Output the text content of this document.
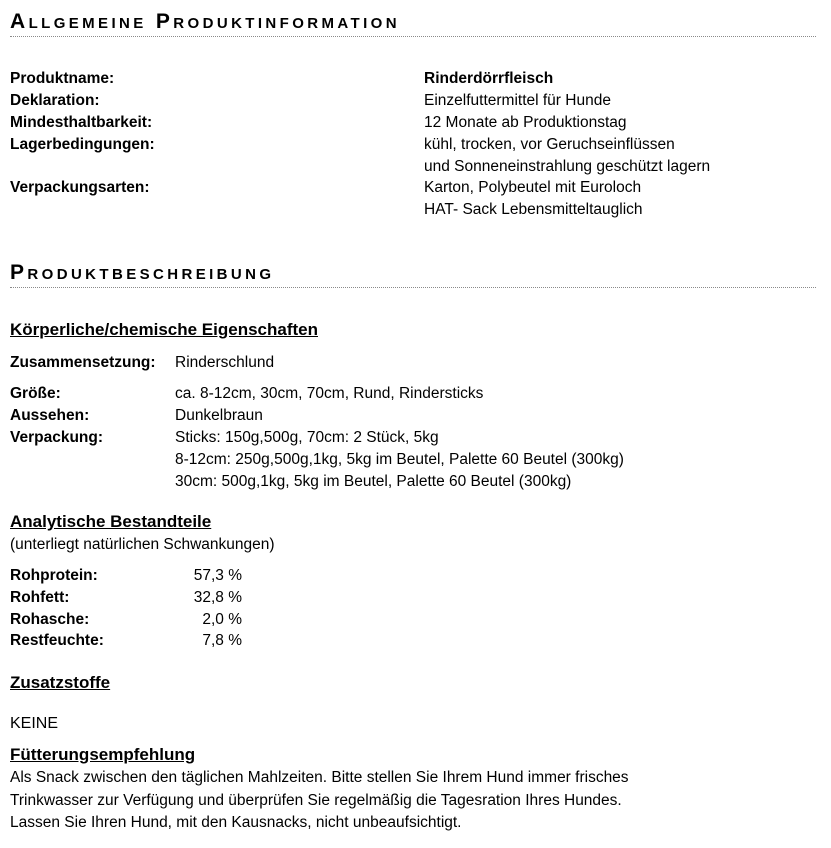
Allgemeine Produktinformation
Produktname:	Rinderdörrfleisch
Deklaration:	Einzelfuttermittel für Hunde
Mindesthaltbarkeit:	12 Monate ab Produktionstag
Lagerbedingungen:	kühl, trocken, vor Geruchseinflüssen
und Sonneneinstrahlung geschützt lagern
Verpackungsarten:	Karton, Polybeutel mit Euroloch
HAT- Sack Lebensmitteltauglich
Produktbeschreibung
Körperliche/chemische Eigenschaften
Zusammensetzung: Rinderschlund
Größe:	ca. 8-12cm, 30cm, 70cm, Rund, Rindersticks
Aussehen:	Dunkelbraun
Verpackung:	Sticks: 150g,500g, 70cm: 2 Stück, 5kg
8-12cm: 250g,500g,1kg, 5kg im Beutel, Palette 60 Beutel (300kg)
30cm: 500g,1kg, 5kg im Beutel, Palette 60 Beutel (300kg)
Analytische Bestandteile
(unterliegt natürlichen Schwankungen)
Rohprotein:	57,3 %
Rohfett:	32,8 %
Rohasche:	2,0 %
Restfeuchte:	7,8 %
Zusatzstoffe
KEINE
Fütterungsempfehlung
Als Snack zwischen den täglichen Mahlzeiten. Bitte stellen Sie Ihrem Hund immer frisches
Trinkwasser zur Verfügung und überprüfen Sie regelmäßig die Tagesration Ihres Hundes.
Lassen Sie Ihren Hund, mit den Kausnacks, nicht unbeaufsichtigt.
